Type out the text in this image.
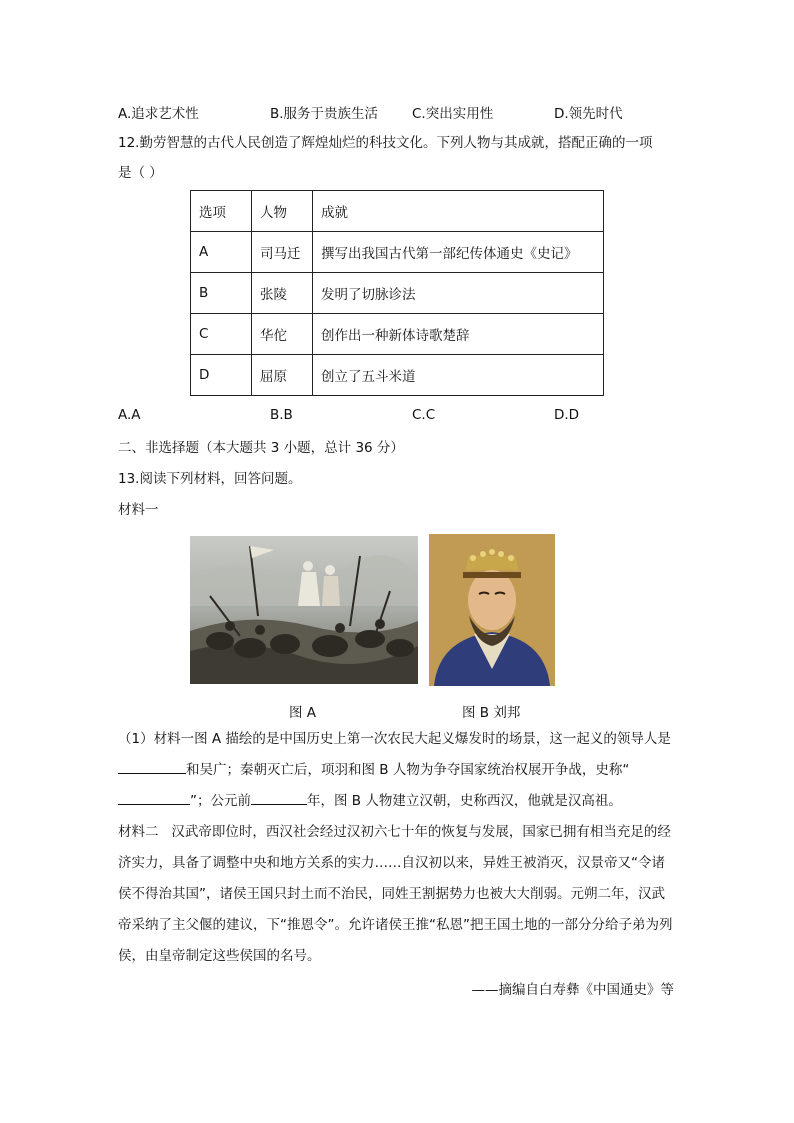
A.追求艺术性	B.服务于贵族生活	C.突出实用性	D.领先时代
12.勤劳智慧的古代人民创造了辉煌灿烂的科技文化。下列人物与其成就，搭配正确的一项
是（ ）
选项	人物	成就
A	司马迁	撰写出我国古代第一部纪传体通史《史记》
B	张陵	发明了切脉诊法
C	华佗	创作出一种新体诗歌楚辞
D	屈原	创立了五斗米道
A.A	B.B	C.C	D.D
二、非选择题（本大题共 3 小题，总计 36 分）
13.阅读下列材料，回答问题。
材料一
图 A	图 B 刘邦
（1）材料一图 A 描绘的是中国历史上第一次农民大起义爆发时的场景，这一起义的领导人是和吴广；秦朝灭亡后，项羽和图 B 人物为争夺国家统治权展开争战，史称“”；公元前	年，图 B 人物建立汉朝，史称西汉，他就是汉高祖。
材料二 汉武帝即位时，西汉社会经过汉初六七十年的恢复与发展，国家已拥有相当充足的经济实力，具备了调整中央和地方关系的实力……自汉初以来，异姓王被消灭，汉景帝又“令诸侯不得治其国”，诸侯王国只封土而不治民，同姓王割据势力也被大大削弱。元朔二年，汉武帝采纳了主父偃的建议，下“推恩令”。允许诸侯王推“私恩”把王国土地的一部分分给子弟为列侯，由皇帝制定这些侯国的名号。
——摘编自白寿彝《中国通史》等
